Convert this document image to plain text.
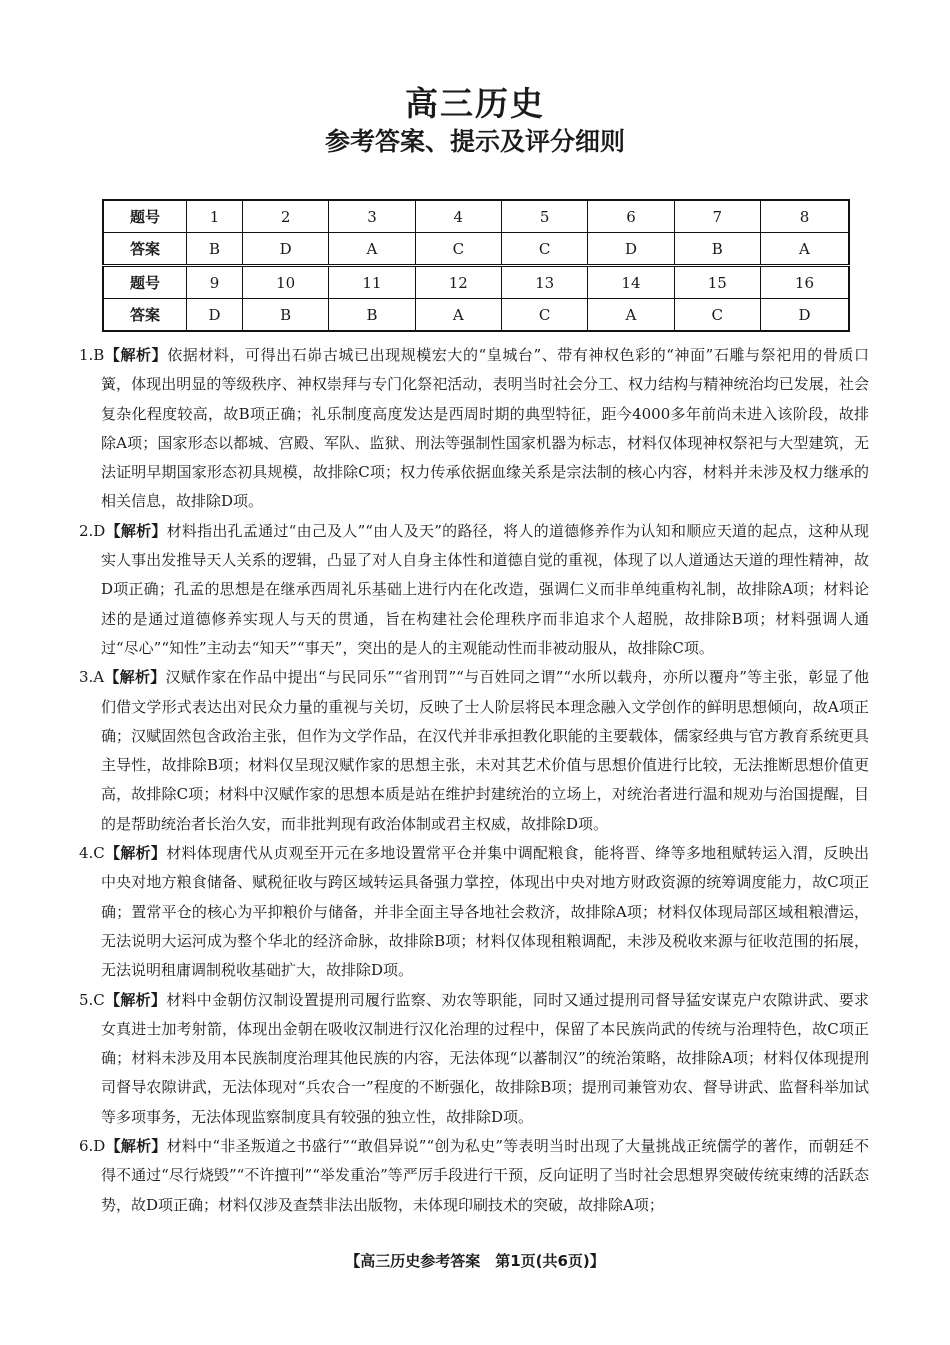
高三历史
参考答案、提示及评分细则
题号	1	2	3	4	5	6	7	8
答案	B	D	A	C	C	D	B	A
题号	9	10	11	12	13	14	15	16
答案	D	B	B	A	C	A	C	D

1.B【解析】依据材料，可得出石峁古城已出现规模宏大的“皇城台”、带有神权色彩的“神面”石雕与祭祀用的骨质口簧，体现出明显的等级秩序、神权崇拜与专门化祭祀活动，表明当时社会分工、权力结构与精神统治均已发展，社会复杂化程度较高，故B项正确；礼乐制度高度发达是西周时期的典型特征，距今4000多年前尚未进入该阶段，故排除A项；国家形态以都城、宫殿、军队、监狱、刑法等强制性国家机器为标志，材料仅体现神权祭祀与大型建筑，无法证明早期国家形态初具规模，故排除C项；权力传承依据血缘关系是宗法制的核心内容，材料并未涉及权力继承的相关信息，故排除D项。

2.D【解析】材料指出孔孟通过“由己及人”“由人及天”的路径，将人的道德修养作为认知和顺应天道的起点，这种从现实人事出发推导天人关系的逻辑，凸显了对人自身主体性和道德自觉的重视，体现了以人道通达天道的理性精神，故D项正确；孔孟的思想是在继承西周礼乐基础上进行内在化改造，强调仁义而非单纯重构礼制，故排除A项；材料论述的是通过道德修养实现人与天的贯通，旨在构建社会伦理秩序而非追求个人超脱，故排除B项；材料强调人通过“尽心”“知性”主动去“知天”“事天”，突出的是人的主观能动性而非被动服从，故排除C项。

3.A【解析】汉赋作家在作品中提出“与民同乐”“省刑罚”“与百姓同之谓”“水所以载舟，亦所以覆舟”等主张，彰显了他们借文学形式表达出对民众力量的重视与关切，反映了士人阶层将民本理念融入文学创作的鲜明思想倾向，故A项正确；汉赋固然包含政治主张，但作为文学作品，在汉代并非承担教化职能的主要载体，儒家经典与官方教育系统更具主导性，故排除B项；材料仅呈现汉赋作家的思想主张，未对其艺术价值与思想价值进行比较，无法推断思想价值更高，故排除C项；材料中汉赋作家的思想本质是站在维护封建统治的立场上，对统治者进行温和规劝与治国提醒，目的是帮助统治者长治久安，而非批判现有政治体制或君主权威，故排除D项。

4.C【解析】材料体现唐代从贞观至开元在多地设置常平仓并集中调配粮食，能将晋、绛等多地租赋转运入渭，反映出中央对地方粮食储备、赋税征收与跨区域转运具备强力掌控，体现出中央对地方财政资源的统筹调度能力，故C项正确；置常平仓的核心为平抑粮价与储备，并非全面主导各地社会救济，故排除A项；材料仅体现局部区域租粮漕运，无法说明大运河成为整个华北的经济命脉，故排除B项；材料仅体现租粮调配，未涉及税收来源与征收范围的拓展，无法说明租庸调制税收基础扩大，故排除D项。

5.C【解析】材料中金朝仿汉制设置提刑司履行监察、劝农等职能，同时又通过提刑司督导猛安谋克户农隙讲武、要求女真进士加考射箭，体现出金朝在吸收汉制进行汉化治理的过程中，保留了本民族尚武的传统与治理特色，故C项正确；材料未涉及用本民族制度治理其他民族的内容，无法体现“以蕃制汉”的统治策略，故排除A项；材料仅体现提刑司督导农隙讲武，无法体现对“兵农合一”程度的不断强化，故排除B项；提刑司兼管劝农、督导讲武、监督科举加试等多项事务，无法体现监察制度具有较强的独立性，故排除D项。

6.D【解析】材料中“非圣叛道之书盛行”“敢倡异说”“创为私史”等表明当时出现了大量挑战正统儒学的著作，而朝廷不得不通过“尽行烧毁”“不许擅刊”“举发重治”等严厉手段进行干预，反向证明了当时社会思想界突破传统束缚的活跃态势，故D项正确；材料仅涉及查禁非法出版物，未体现印刷技术的突破，故排除A项；

【高三历史参考答案　第1页(共6页)】
